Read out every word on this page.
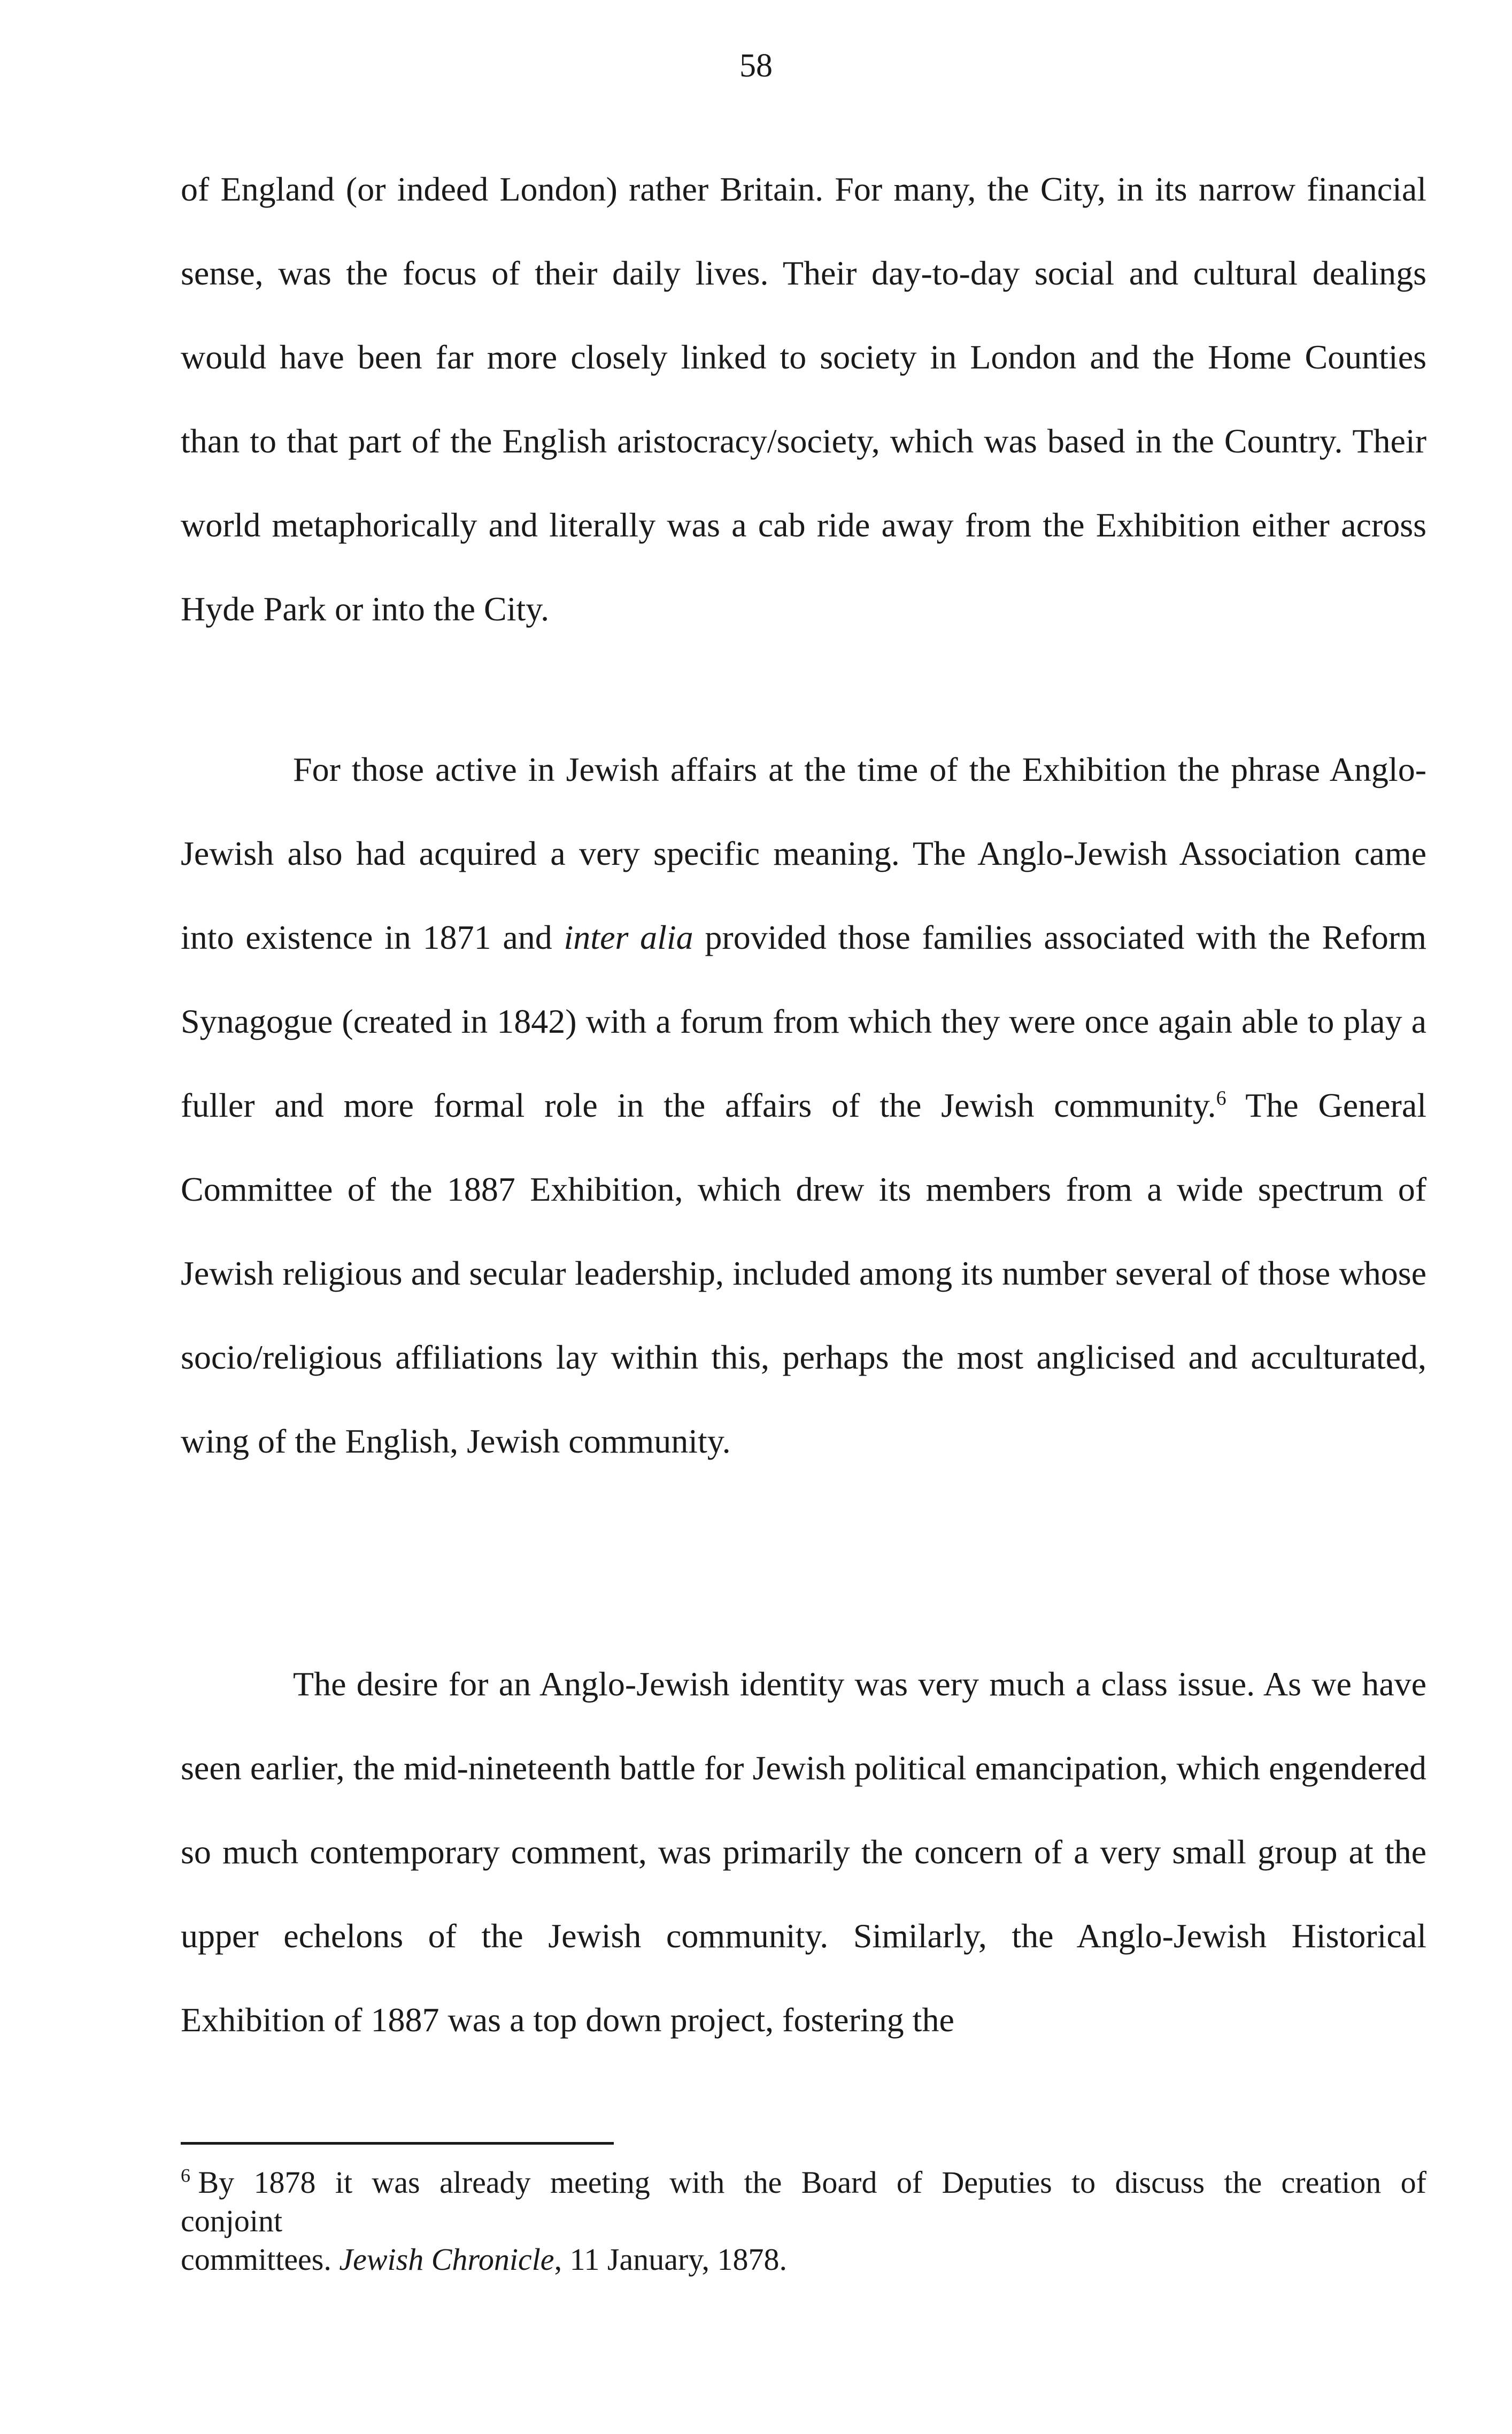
58

of England (or indeed London) rather Britain. For many, the City, in its narrow financial sense, was the focus of their daily lives. Their day-to-day social and cultural dealings would have been far more closely linked to society in London and the Home Counties than to that part of the English aristocracy/society, which was based in the Country. Their world metaphorically and literally was a cab ride away from the Exhibition either across Hyde Park or into the City.

For those active in Jewish affairs at the time of the Exhibition the phrase Anglo-Jewish also had acquired a very specific meaning. The Anglo-Jewish Association came into existence in 1871 and inter alia provided those families associated with the Reform Synagogue (created in 1842) with a forum from which they were once again able to play a fuller and more formal role in the affairs of the Jewish community.$^6$ The General Committee of the 1887 Exhibition, which drew its members from a wide spectrum of Jewish religious and secular leadership, included among its number several of those whose socio/religious affiliations lay within this, perhaps the most anglicised and acculturated, wing of the English, Jewish community.

The desire for an Anglo-Jewish identity was very much a class issue. As we have seen earlier, the mid-nineteenth battle for Jewish political emancipation, which engendered so much contemporary comment, was primarily the concern of a very small group at the upper echelons of the Jewish community. Similarly, the Anglo-Jewish Historical Exhibition of 1887 was a top down project, fostering the

$^6$ By 1878 it was already meeting with the Board of Deputies to discuss the creation of
conjoint
committees. Jewish Chronicle, 11 January, 1878.
